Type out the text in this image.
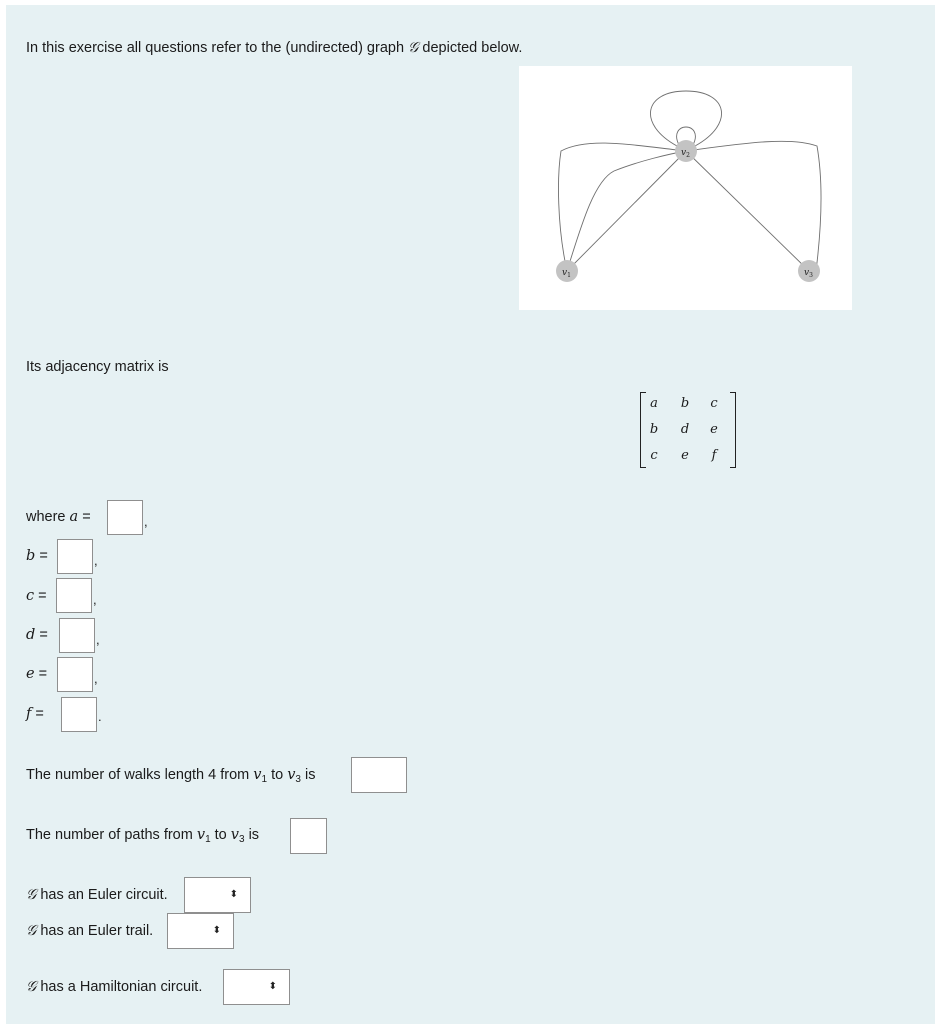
In this exercise all questions refer to the (undirected) graph 𝒢 depicted below.
$v_2$
$v_1$	$v_3$
Its adjacency matrix is
a	b	c
b	d	e
c	e	f
where a =	,
b =	,
c =	,
d =	,
e =	,
f =	.
The number of walks length 4 from $v_1$ to $v_3$ is
The number of paths from $v_1$ to $v_3$ is
𝒢 has an Euler circuit.	⬍
𝒢 has an Euler trail.	⬍
𝒢 has a Hamiltonian circuit.	⬍
